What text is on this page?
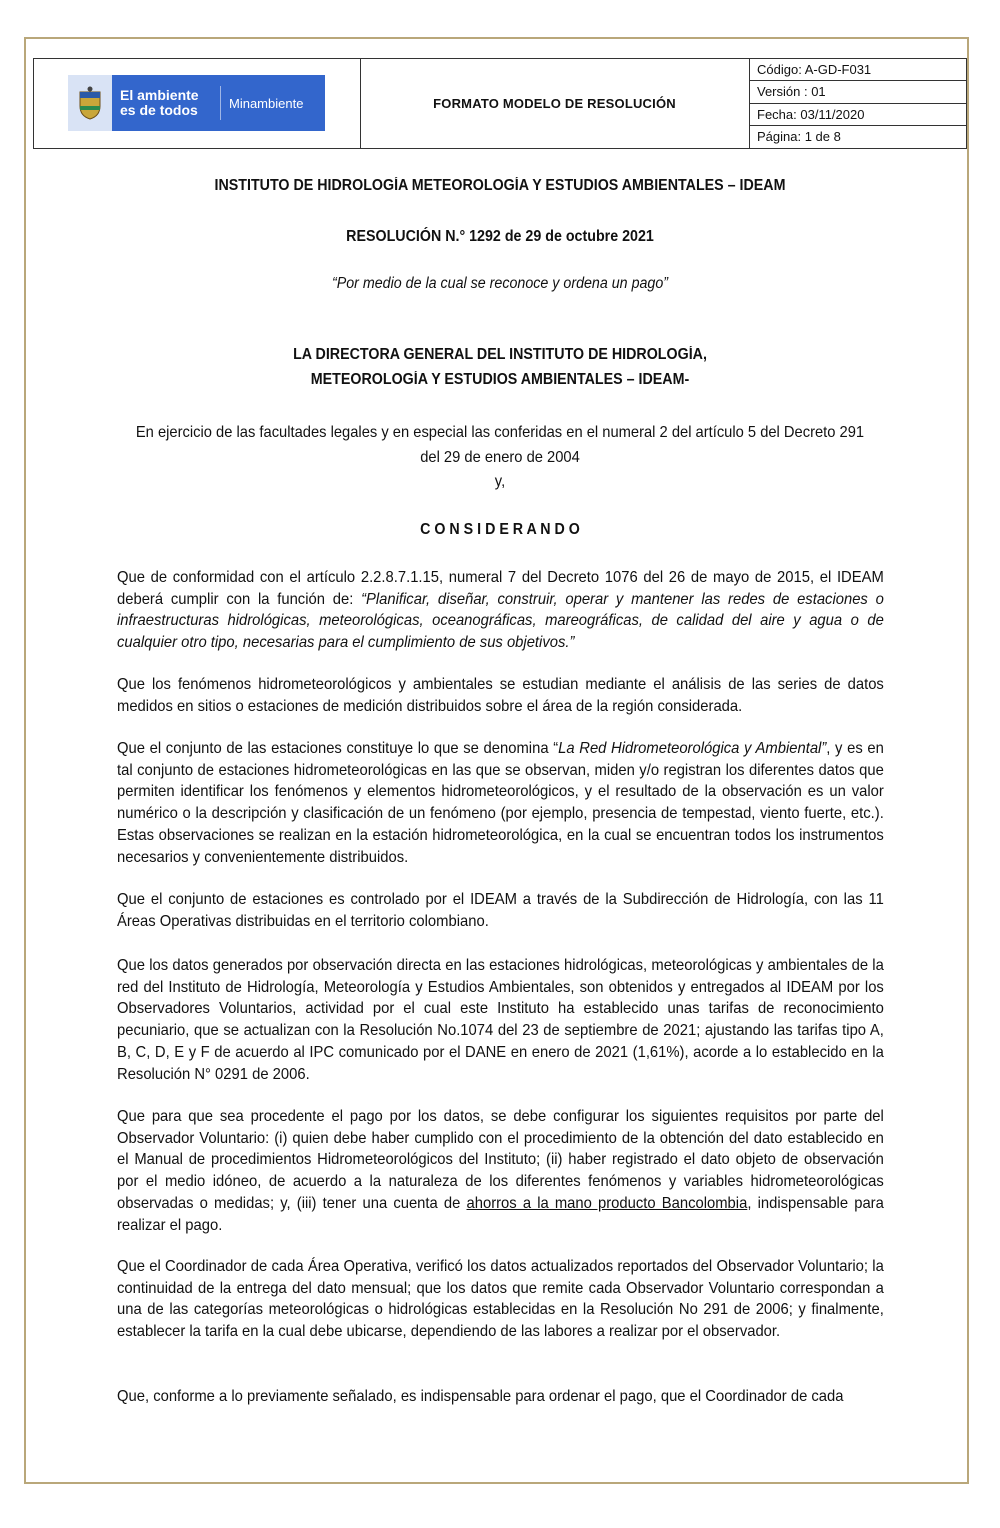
El ambiente es de todos	Minambiente	FORMATO MODELO DE RESOLUCIÓN
Código: A-GD-F031
Versión : 01
Fecha: 03/11/2020
Página: 1 de 8
INSTITUTO DE HIDROLOGÍA METEOROLOGÍA Y ESTUDIOS AMBIENTALES – IDEAM
RESOLUCIÓN N.° 1292 de 29 de octubre 2021
“Por medio de la cual se reconoce y ordena un pago”
LA DIRECTORA GENERAL DEL INSTITUTO DE HIDROLOGÍA,
METEOROLOGÍA Y ESTUDIOS AMBIENTALES – IDEAM-
En ejercicio de las facultades legales y en especial las conferidas en el numeral 2 del artículo 5 del Decreto 291
del 29 de enero de 2004
y,
C O N S I D E R A N D O

Que de conformidad con el artículo 2.2.8.7.1.15, numeral 7 del Decreto 1076 del 26 de mayo de 2015, el IDEAM deberá cumplir con la función de: “Planificar, diseñar, construir, operar y mantener las redes de estaciones o infraestructuras hidrológicas, meteorológicas, oceanográficas, mareográficas, de calidad del aire y agua o de cualquier otro tipo, necesarias para el cumplimiento de sus objetivos.”

Que los fenómenos hidrometeorológicos y ambientales se estudian mediante el análisis de las series de datos medidos en sitios o estaciones de medición distribuidos sobre el área de la región considerada.

Que el conjunto de las estaciones constituye lo que se denomina “La Red Hidrometeorológica y Ambiental”, y es en tal conjunto de estaciones hidrometeorológicas en las que se observan, miden y/o registran los diferentes datos que permiten identificar los fenómenos y elementos hidrometeorológicos, y el resultado de la observación es un valor numérico o la descripción y clasificación de un fenómeno (por ejemplo, presencia de tempestad, viento fuerte, etc.). Estas observaciones se realizan en la estación hidrometeorológica, en la cual se encuentran todos los instrumentos necesarios y convenientemente distribuidos.

Que el conjunto de estaciones es controlado por el IDEAM a través de la Subdirección de Hidrología, con las 11 Áreas Operativas distribuidas en el territorio colombiano.

Que los datos generados por observación directa en las estaciones hidrológicas, meteorológicas y ambientales de la red del Instituto de Hidrología, Meteorología y Estudios Ambientales, son obtenidos y entregados al IDEAM por los Observadores Voluntarios, actividad por el cual este Instituto ha establecido unas tarifas de reconocimiento pecuniario, que se actualizan con la Resolución No.1074 del 23 de septiembre de 2021; ajustando las tarifas tipo A, B, C, D, E y F de acuerdo al IPC comunicado por el DANE en enero de 2021 (1,61%), acorde a lo establecido en la Resolución N° 0291 de 2006.

Que para que sea procedente el pago por los datos, se debe configurar los siguientes requisitos por parte del Observador Voluntario: (i) quien debe haber cumplido con el procedimiento de la obtención del dato establecido en el Manual de procedimientos Hidrometeorológicos del Instituto; (ii) haber registrado el dato objeto de observación por el medio idóneo, de acuerdo a la naturaleza de los diferentes fenómenos y variables hidrometeorológicas observadas o medidas; y, (iii) tener una cuenta de ahorros a la mano producto Bancolombia, indispensable para realizar el pago.

Que el Coordinador de cada Área Operativa, verificó los datos actualizados reportados del Observador Voluntario; la continuidad de la entrega del dato mensual; que los datos que remite cada Observador Voluntario correspondan a una de las categorías meteorológicas o hidrológicas establecidas en la Resolución No 291 de 2006; y finalmente, establecer la tarifa en la cual debe ubicarse, dependiendo de las labores a realizar por el observador.

Que, conforme a lo previamente señalado, es indispensable para ordenar el pago, que el Coordinador de cada
